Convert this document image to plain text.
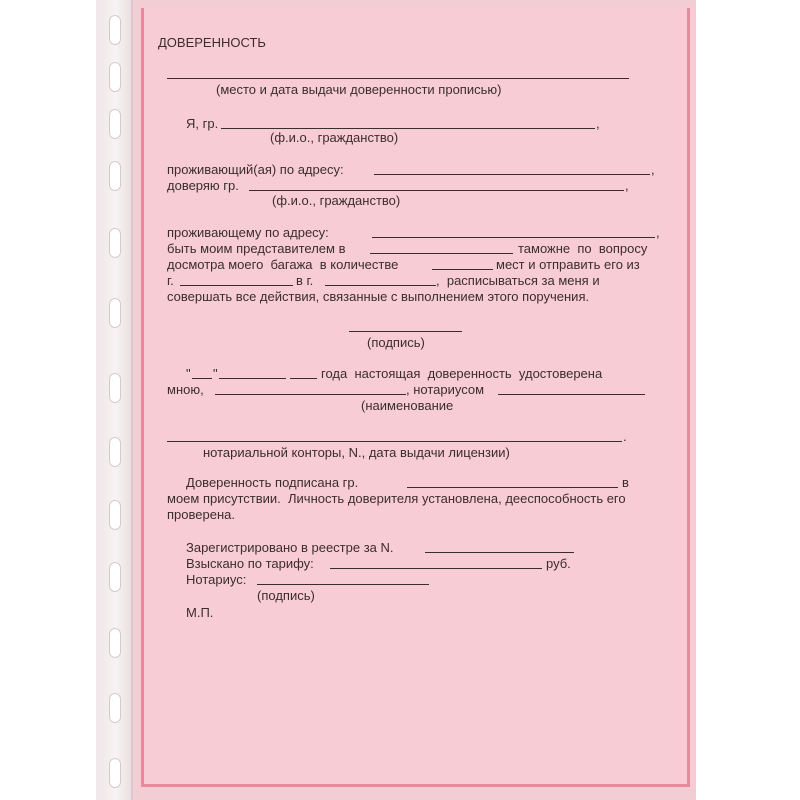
ДОВЕРЕННОСТЬ
(место и дата выдачи доверенности прописью)
Я, гр.	,
(ф.и.о., гражданство)
проживающий(ая) по адресу:	,
доверяю гр.	,
(ф.и.о., гражданство)
проживающему по адресу:	,
быть моим представителем в	таможне  по  вопросу
досмотра моего  багажа  в количестве	мест и отправить его из
г.	в г.	,  расписываться за меня и
совершать все действия, связанные с выполнением этого поручения.
(подпись)
" "	года  настоящая  доверенность  удостоверена
мною,	, нотариусом
(наименование
.
нотариальной конторы, N., дата выдачи лицензии)
Доверенность подписана гр.	в
моем присутствии.  Личность доверителя установлена, дееспособность его
проверена.
Зарегистрировано в реестре за N.
Взыскано по тарифу:	руб.
Нотариус:
(подпись)
М.П.
